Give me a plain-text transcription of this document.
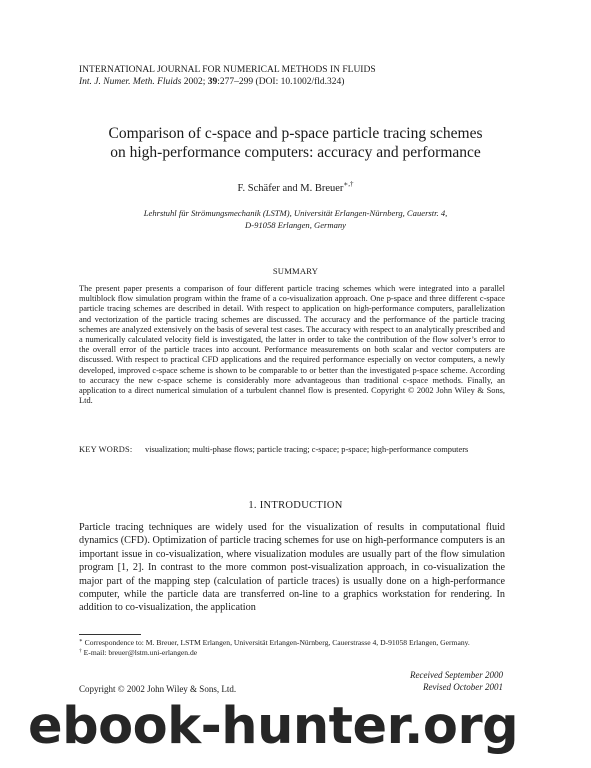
INTERNATIONAL JOURNAL FOR NUMERICAL METHODS IN FLUIDS
Int. J. Numer. Meth. Fluids 2002; 39:277–299 (DOI: 10.1002/fld.324)
Comparison of c-space and p-space particle tracing schemes
on high-performance computers: accuracy and performance
F. Schäfer and M. Breuer∗,†
Lehrstuhl für Strömungsmechanik (LSTM), Universität Erlangen-Nürnberg, Cauerstr. 4,
D-91058 Erlangen, Germany
SUMMARY
The present paper presents a comparison of four different particle tracing schemes which were integrated into a parallel multiblock flow simulation program within the frame of a co-visualization approach. One p-space and three different c-space particle tracing schemes are described in detail. With respect to application on high-performance computers, parallelization and vectorization of the particle tracing schemes are discussed. The accuracy and the performance of the particle tracing schemes are analyzed extensively on the basis of several test cases. The accuracy with respect to an analytically prescribed and a numerically calculated velocity field is investigated, the latter in order to take the contribution of the flow solver’s error to the overall error of the particle traces into account. Performance measurements on both scalar and vector computers are discussed. With respect to practical CFD applications and the required performance especially on vector computers, a newly developed, improved c-space scheme is shown to be comparable to or better than the investigated p-space scheme. According to accuracy the new c-space scheme is considerably more advantageous than traditional c-space methods. Finally, an application to a direct numerical simulation of a turbulent channel flow is presented. Copyright © 2002 John Wiley & Sons, Ltd.
KEY WORDS:	visualization; multi-phase flows; particle tracing; c-space; p-space; high-performance computers
1. INTRODUCTION
Particle tracing techniques are widely used for the visualization of results in computational fluid dynamics (CFD). Optimization of particle tracing schemes for use on high-performance computers is an important issue in co-visualization, where visualization modules are usually part of the flow simulation program [1, 2]. In contrast to the more common post-visualization approach, in co-visualization the major part of the mapping step (calculation of particle traces) is usually done on a high-performance computer, while the particle data are transferred on-line to a graphics workstation for rendering. In addition to co-visualization, the application
∗ Correspondence to: M. Breuer, LSTM Erlangen, Universität Erlangen-Nürnberg, Cauerstrasse 4, D-91058 Erlangen, Germany.
† E-mail: breuer@lstm.uni-erlangen.de
Received September 2000
Revised October 2001
Copyright © 2002 John Wiley & Sons, Ltd.
ebook-hunter.org
